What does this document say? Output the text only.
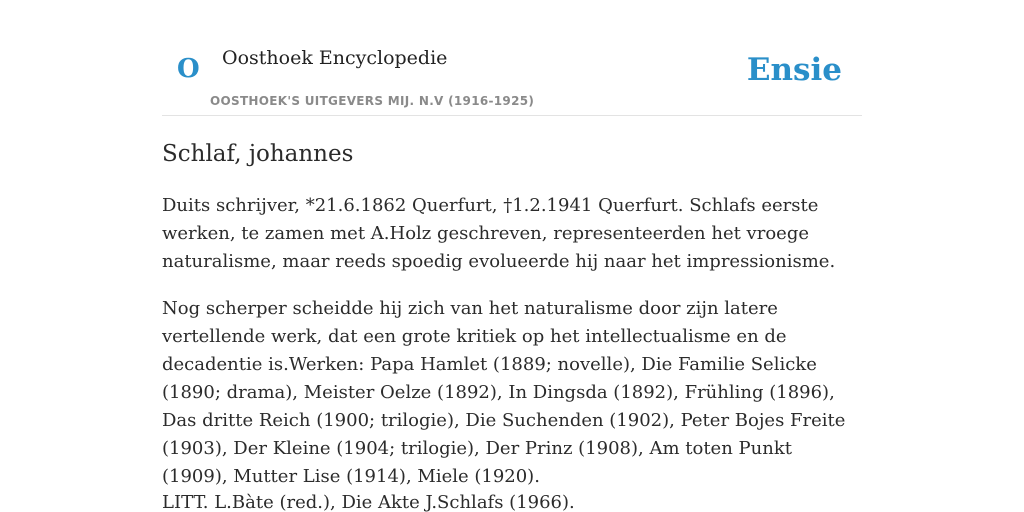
O Oosthoek Encyclopedie
OOSTHOEK'S UITGEVERS MIJ. N.V (1916-1925)
Ensie
Schlaf, johannes

Duits schrijver, *21.6.1862 Querfurt, †1.2.1941 Querfurt. Schlafs eerste werken, te zamen met A.Holz geschreven, representeerden het vroege naturalisme, maar reeds spoedig evolueerde hij naar het impressionisme.

Nog scherper scheidde hij zich van het naturalisme door zijn latere vertellende werk, dat een grote kritiek op het intellectualisme en de decadentie is.Werken: Papa Hamlet (1889; novelle), Die Familie Selicke (1890; drama), Meister Oelze (1892), In Dingsda (1892), Frühling (1896), Das dritte Reich (1900; trilogie), Die Suchenden (1902), Peter Bojes Freite (1903), Der Kleine (1904; trilogie), Der Prinz (1908), Am toten Punkt (1909), Mutter Lise (1914), Miele (1920).

LITT. L.Bàte (red.), Die Akte J.Schlafs (1966).
